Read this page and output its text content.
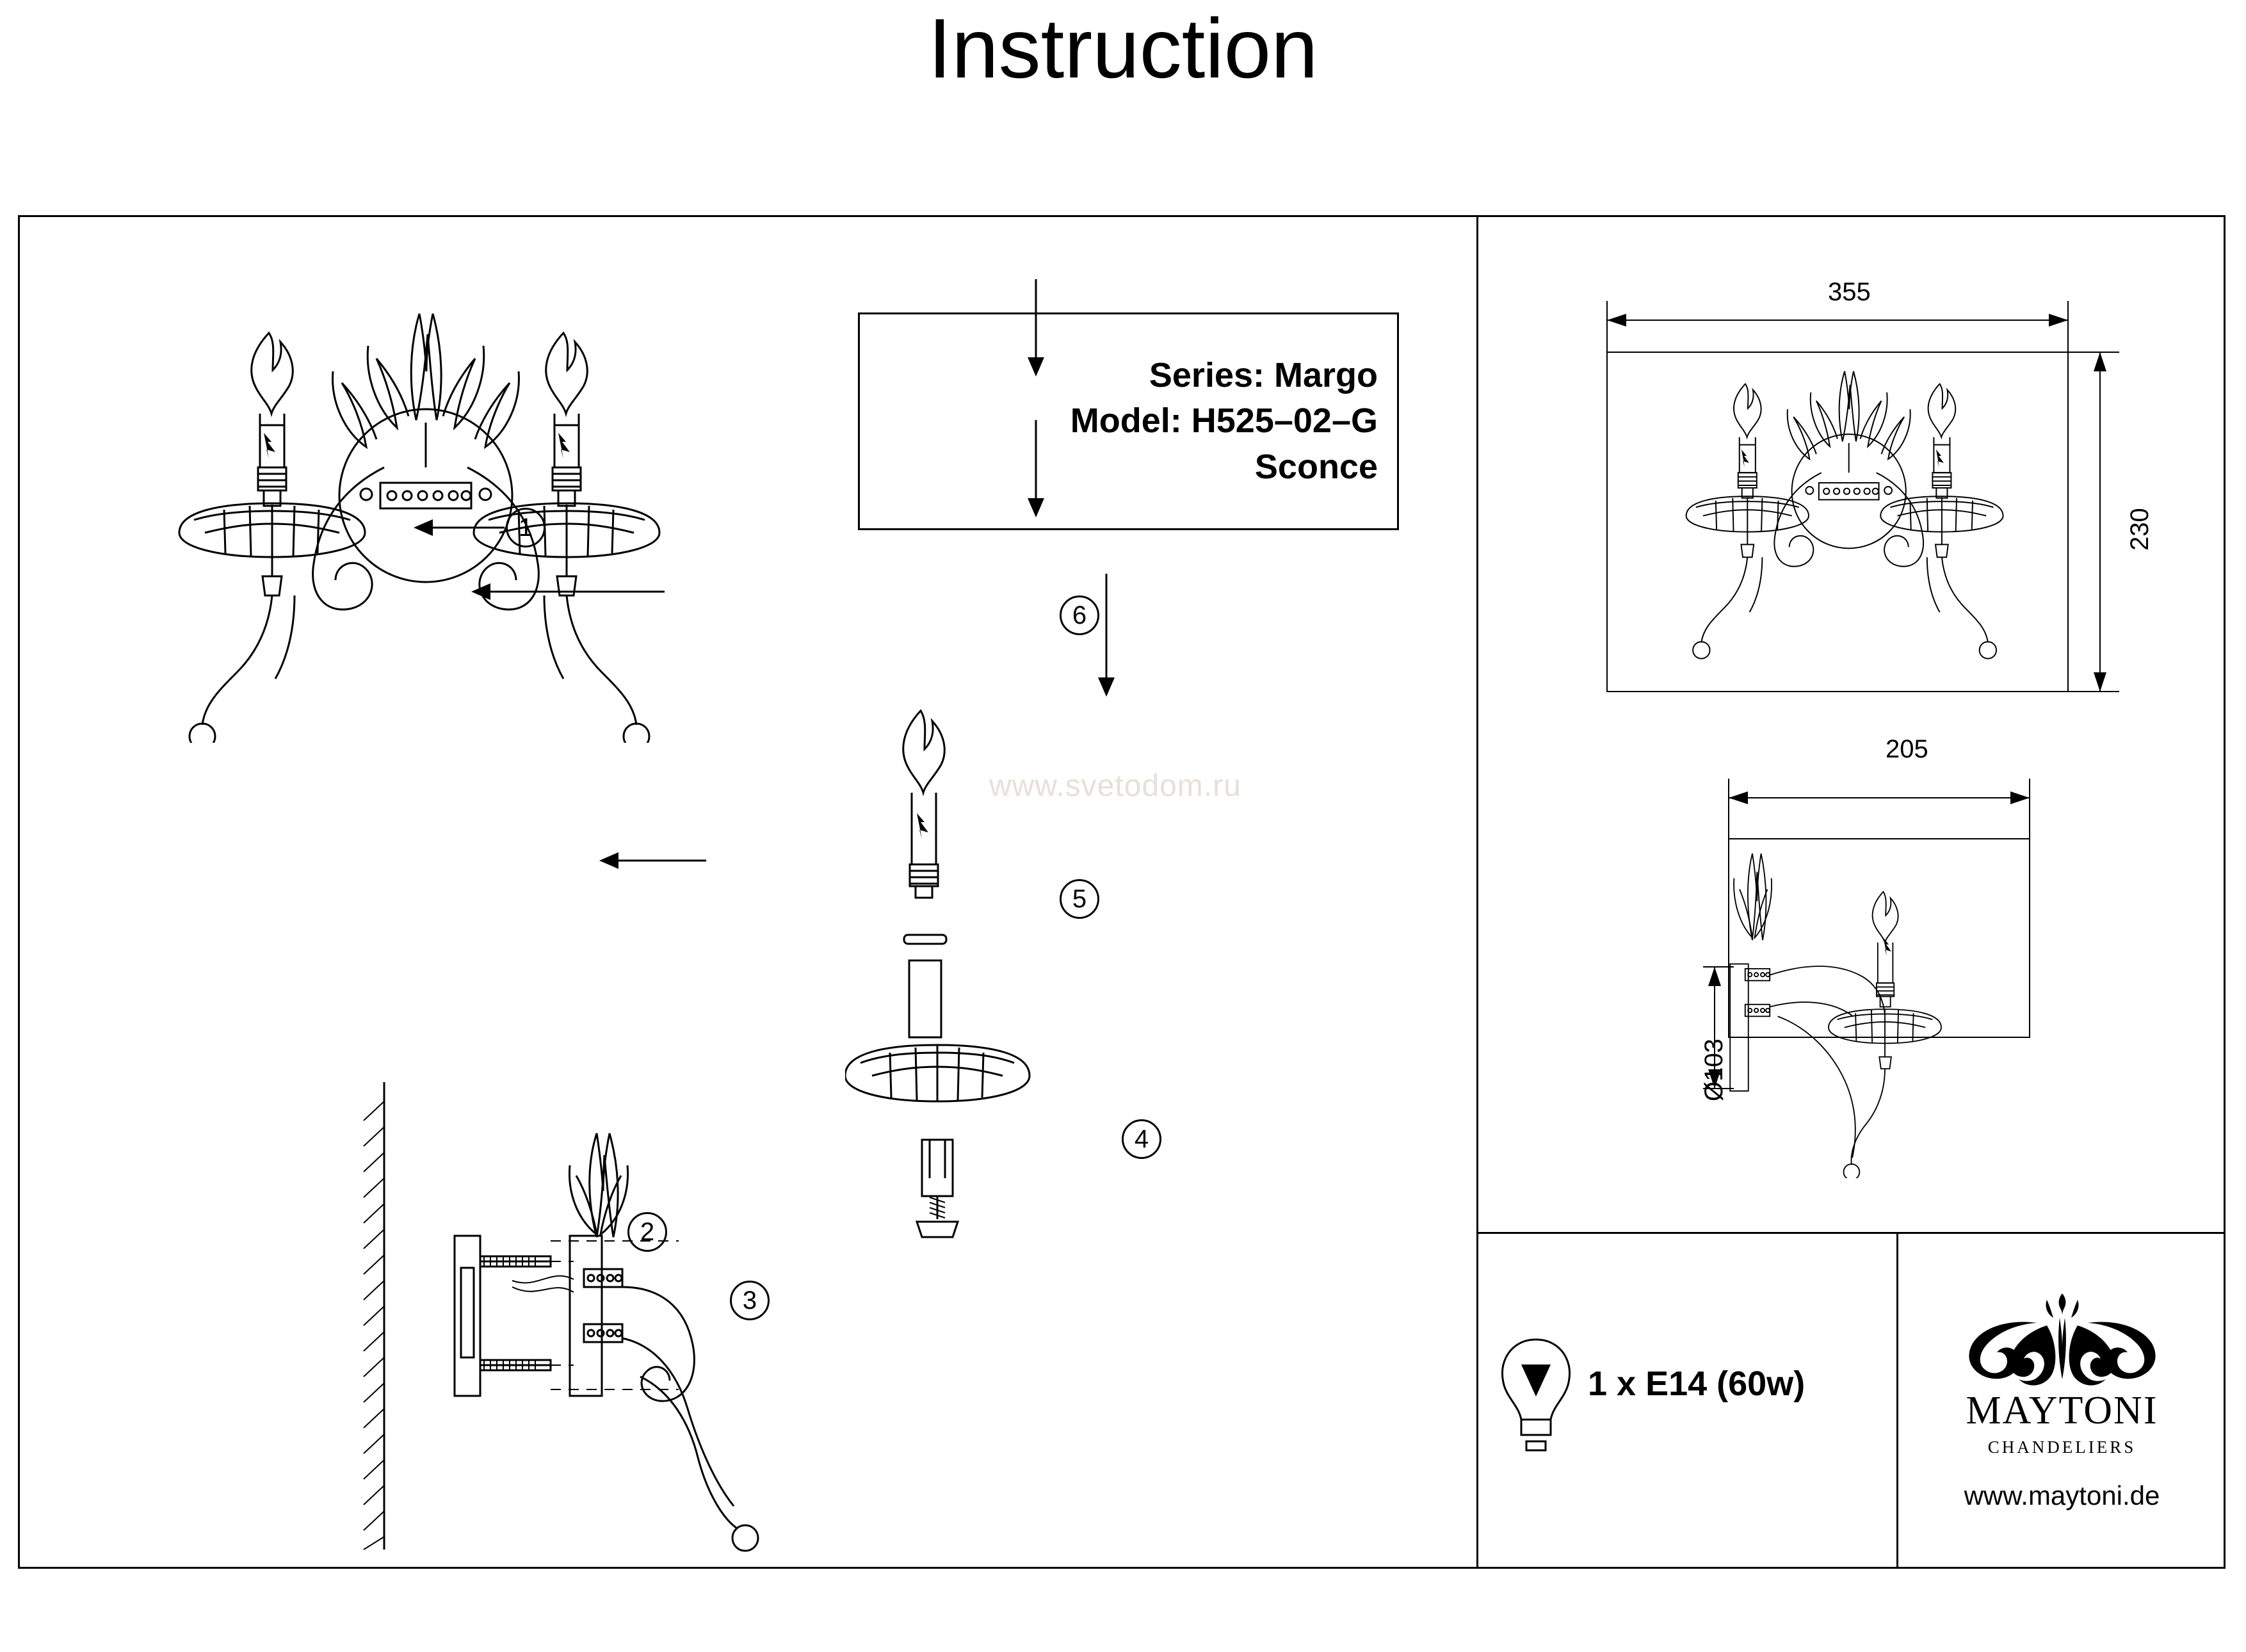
Instruction
Series: Margo
Model: H525–02–G
Sconce
www.svetodom.ru
1
2
3
4
5
6
355
230
205
Ø103
1 x E14 (60w)
MAYTONI
CHANDELIERS
www.maytoni.de
